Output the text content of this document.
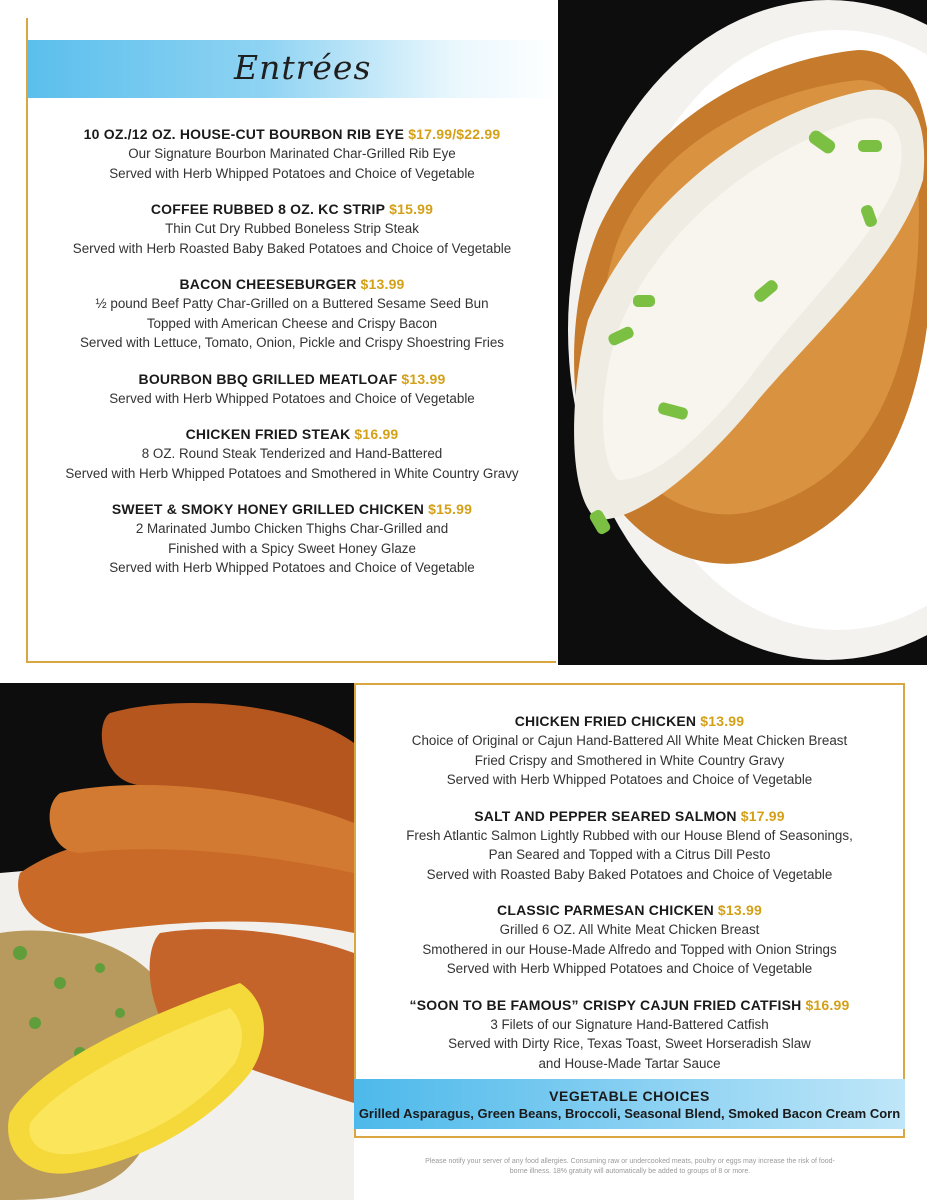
Entrées
10 OZ./12 OZ. HOUSE-CUT BOURBON RIB EYE $17.99/$22.99
Our Signature Bourbon Marinated Char-Grilled Rib Eye
Served with Herb Whipped Potatoes and Choice of Vegetable
COFFEE RUBBED 8 OZ. KC STRIP $15.99
Thin Cut Dry Rubbed Boneless Strip Steak
Served with Herb Roasted Baby Baked Potatoes and Choice of Vegetable
BACON CHEESEBURGER $13.99
½ pound Beef Patty Char-Grilled on a Buttered Sesame Seed Bun
Topped with American Cheese and Crispy Bacon
Served with Lettuce, Tomato, Onion, Pickle and Crispy Shoestring Fries
BOURBON BBQ GRILLED MEATLOAF $13.99
Served with Herb Whipped Potatoes and Choice of Vegetable
CHICKEN FRIED STEAK $16.99
8 OZ. Round Steak Tenderized and Hand-Battered
Served with Herb Whipped Potatoes and Smothered in White Country Gravy
SWEET & SMOKY HONEY GRILLED CHICKEN $15.99
2 Marinated Jumbo Chicken Thighs Char-Grilled and
Finished with a Spicy Sweet Honey Glaze
Served with Herb Whipped Potatoes and Choice of Vegetable
CHICKEN FRIED CHICKEN $13.99
Choice of Original or Cajun Hand-Battered All White Meat Chicken Breast
Fried Crispy and Smothered in White Country Gravy
Served with Herb Whipped Potatoes and Choice of Vegetable
SALT AND PEPPER SEARED SALMON $17.99
Fresh Atlantic Salmon Lightly Rubbed with our House Blend of Seasonings,
Pan Seared and Topped with a Citrus Dill Pesto
Served with Roasted Baby Baked Potatoes and Choice of Vegetable
CLASSIC PARMESAN CHICKEN $13.99
Grilled 6 OZ. All White Meat Chicken Breast
Smothered in our House-Made Alfredo and Topped with Onion Strings
Served with Herb Whipped Potatoes and Choice of Vegetable
“SOON TO BE FAMOUS” CRISPY CAJUN FRIED CATFISH $16.99
3 Filets of our Signature Hand-Battered Catfish
Served with Dirty Rice, Texas Toast, Sweet Horseradish Slaw
and House-Made Tartar Sauce
VEGETABLE CHOICES
Grilled Asparagus, Green Beans, Broccoli, Seasonal Blend, Smoked Bacon Cream Corn
Please notify your server of any food allergies. Consuming raw or undercooked meats, poultry or eggs may increase the risk of food-borne illness. 18% gratuity will automatically be added to groups of 8 or more.
